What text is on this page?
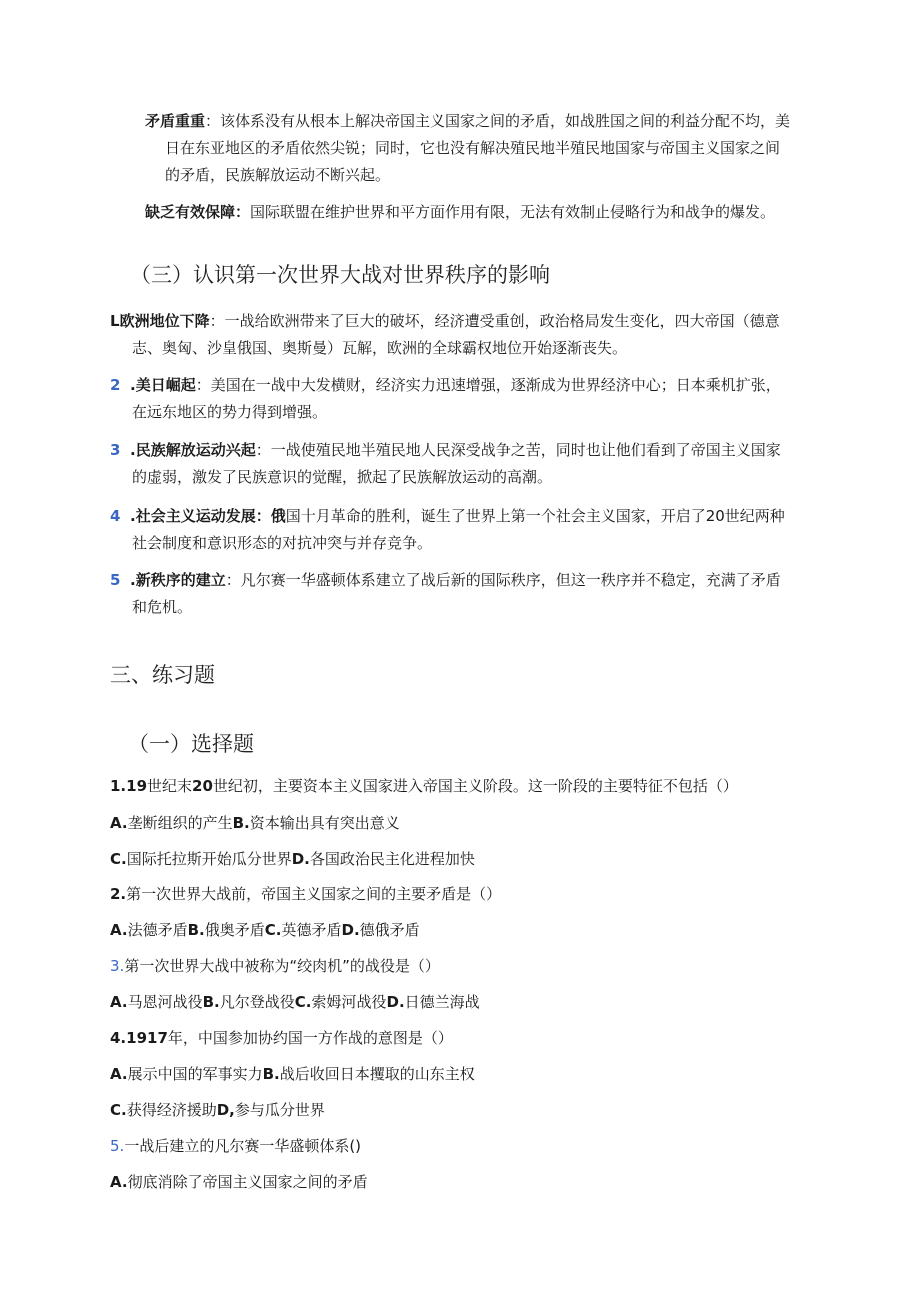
矛盾重重：该体系没有从根本上解决帝国主义国家之间的矛盾，如战胜国之间的利益分配不均，美
日在东亚地区的矛盾依然尖锐；同时，它也没有解决殖民地半殖民地国家与帝国主义国家之间
的矛盾，民族解放运动不断兴起。
缺乏有效保障：国际联盟在维护世界和平方面作用有限，无法有效制止侵略行为和战争的爆发。
（三）认识第一次世界大战对世界秩序的影响
L欧洲地位下降：一战给欧洲带来了巨大的破坏，经济遭受重创，政治格局发生变化，四大帝国（德意
志、奥匈、沙皇俄国、奥斯曼）瓦解，欧洲的全球霸权地位开始逐渐丧失。
2 .美日崛起：美国在一战中大发横财，经济实力迅速增强，逐渐成为世界经济中心；日本乘机扩张，
在远东地区的势力得到增强。
3 .民族解放运动兴起：一战使殖民地半殖民地人民深受战争之苦，同时也让他们看到了帝国主义国家
的虚弱，激发了民族意识的觉醒，掀起了民族解放运动的高潮。
4 .社会主义运动发展：俄国十月革命的胜利，诞生了世界上第一个社会主义国家，开启了20世纪两种
社会制度和意识形态的对抗冲突与并存竞争。
5 .新秩序的建立：凡尔赛一华盛顿体系建立了战后新的国际秩序，但这一秩序并不稳定，充满了矛盾
和危机。
三、练习题
（一）选择题
1.19世纪末20世纪初，主要资本主义国家进入帝国主义阶段。这一阶段的主要特征不包括（）
A.垄断组织的产生B.资本输出具有突出意义
C.国际托拉斯开始瓜分世界D.各国政治民主化进程加快
2.第一次世界大战前，帝国主义国家之间的主要矛盾是（）
A.法德矛盾B.俄奥矛盾C.英德矛盾D.德俄矛盾
3.第一次世界大战中被称为“绞肉机”的战役是（）
A.马恩河战役B.凡尔登战役C.索姆河战役D.日德兰海战
4.1917年，中国参加协约国一方作战的意图是（）
A.展示中国的军事实力B.战后收回日本攫取的山东主权
C.获得经济援助D,参与瓜分世界
5.一战后建立的凡尔赛一华盛顿体系()
A.彻底消除了帝国主义国家之间的矛盾
